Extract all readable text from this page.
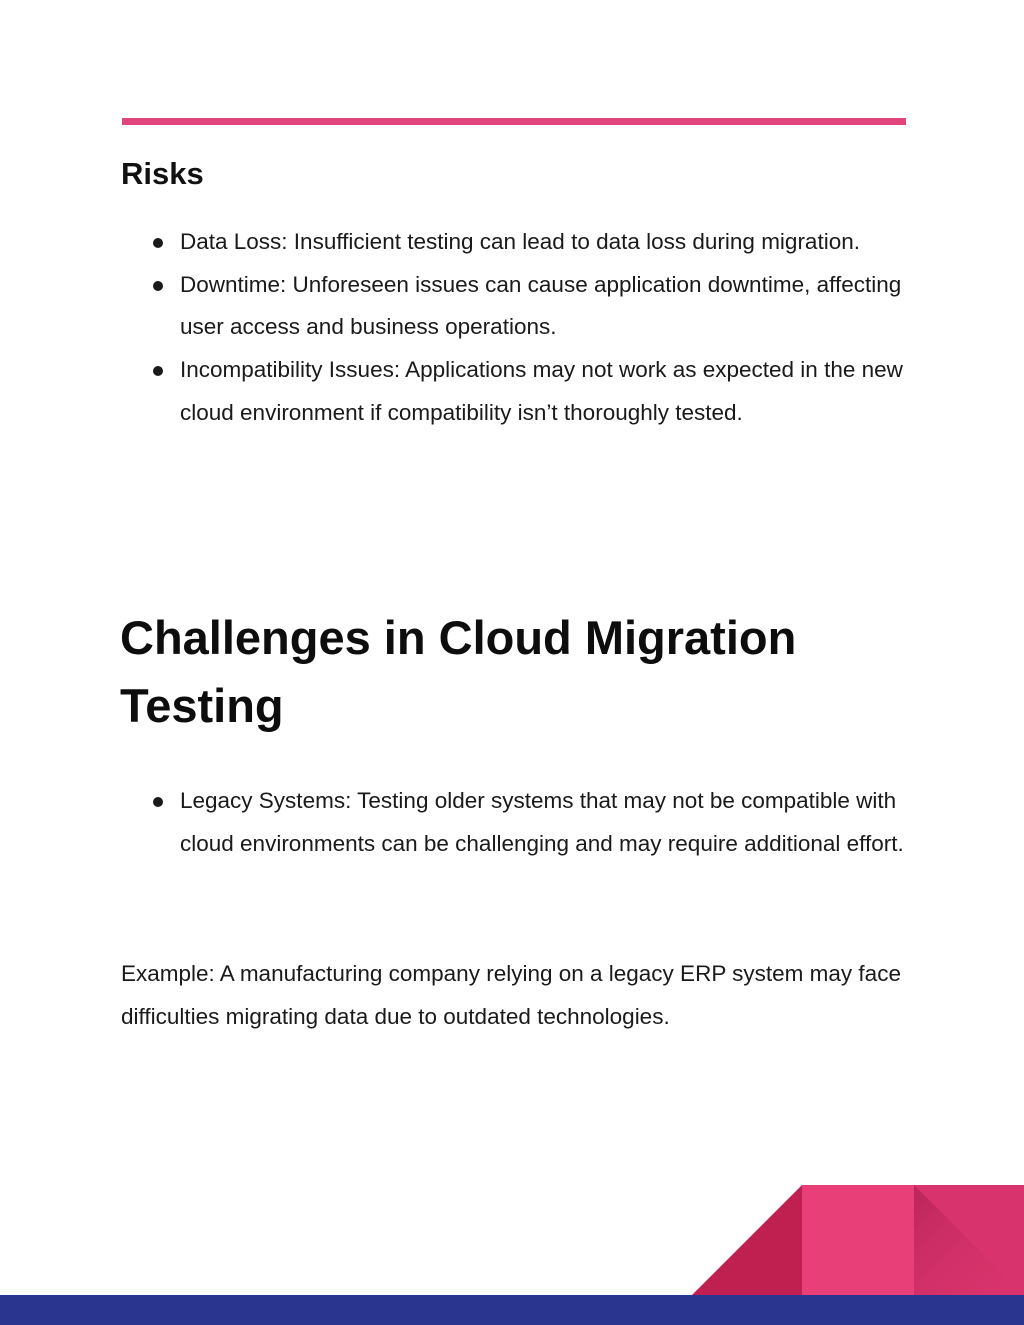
Risks
Data Loss: Insufficient testing can lead to data loss during migration.
Downtime: Unforeseen issues can cause application downtime, affecting user access and business operations.
Incompatibility Issues: Applications may not work as expected in the new cloud environment if compatibility isn’t thoroughly tested.
Challenges in Cloud Migration Testing
Legacy Systems: Testing older systems that may not be compatible with cloud environments can be challenging and may require additional effort.

Example: A manufacturing company relying on a legacy ERP system may face difficulties migrating data due to outdated technologies.
